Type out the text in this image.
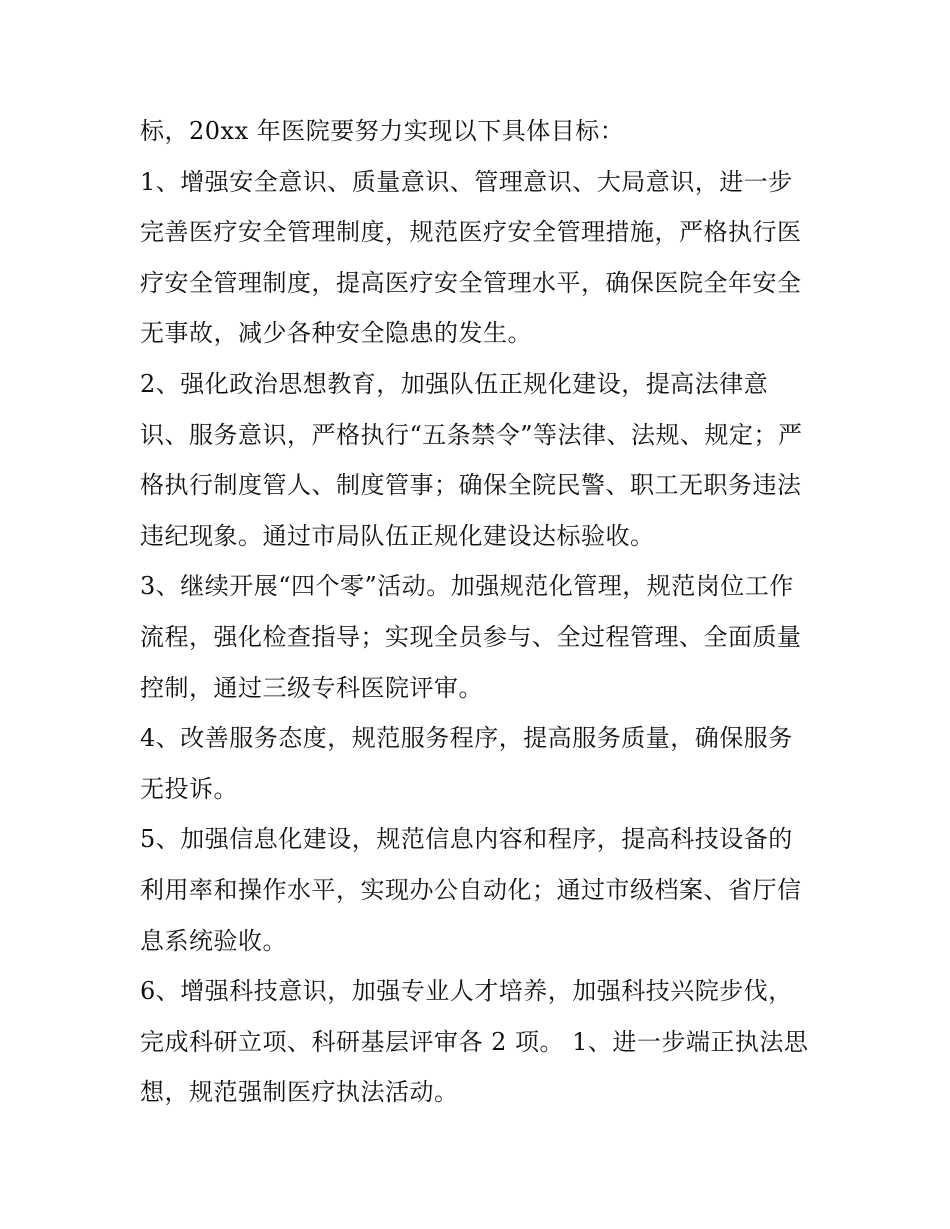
标，20xx 年医院要努力实现以下具体目标：
1、增强安全意识、质量意识、管理意识、大局意识，进一步
完善医疗安全管理制度，规范医疗安全管理措施，严格执行医
疗安全管理制度，提高医疗安全管理水平，确保医院全年安全
无事故，减少各种安全隐患的发生。
2、强化政治思想教育，加强队伍正规化建设，提高法律意
识、服务意识，严格执行“五条禁令”等法律、法规、规定；严
格执行制度管人、制度管事；确保全院民警、职工无职务违法
违纪现象。通过市局队伍正规化建设达标验收。
3、继续开展“四个零”活动。加强规范化管理，规范岗位工作
流程，强化检查指导；实现全员参与、全过程管理、全面质量
控制，通过三级专科医院评审。
4、改善服务态度，规范服务程序，提高服务质量，确保服务
无投诉。
5、加强信息化建设，规范信息内容和程序，提高科技设备的
利用率和操作水平，实现办公自动化；通过市级档案、省厅信
息系统验收。
6、增强科技意识，加强专业人才培养，加强科技兴院步伐，
完成科研立项、科研基层评审各 2 项。 1、进一步端正执法思
想，规范强制医疗执法活动。
